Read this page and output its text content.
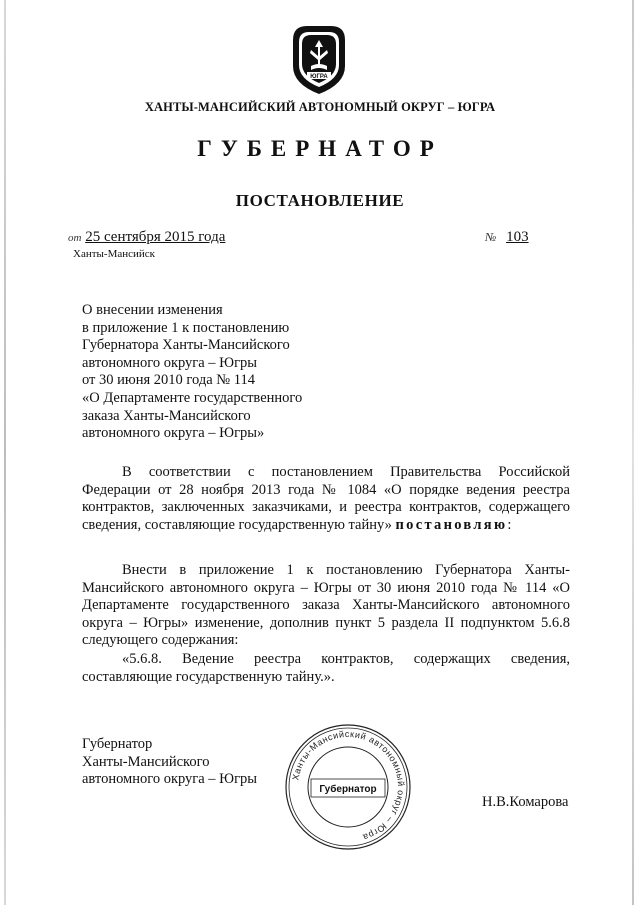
ЮГРА
ХАНТЫ-МАНСИЙСКИЙ АВТОНОМНЫЙ ОКРУГ – ЮГРА
ГУБЕРНАТОР
ПОСТАНОВЛЕНИЕ
от 25 сентября 2015 года	№ 103
Ханты-Мансийск
О внесении изменения
в приложение 1 к постановлению
Губернатора Ханты-Мансийского
автономного округа – Югры
от 30 июня 2010 года № 114
«О Департаменте государственного
заказа Ханты-Мансийского
автономного округа – Югры»
В соответствии с постановлением Правительства Российской Федерации от 28 ноября 2013 года № 1084 «О порядке ведения реестра контрактов, заключенных заказчиками, и реестра контрактов, содержащего сведения, составляющие государственную тайну» постановляю:
Внести в приложение 1 к постановлению Губернатора Ханты-Мансийского автономного округа – Югры от 30 июня 2010 года № 114 «О Департаменте государственного заказа Ханты-Мансийского автономного округа – Югры» изменение, дополнив пункт 5 раздела II подпунктом 5.6.8 следующего содержания:
«5.6.8. Ведение реестра контрактов, содержащих сведения, составляющие государственную тайну.».
Губернатор
Ханты-Мансийского
автономного округа – Югры	Ханты-Мансийский автономный округ – Югра
Губернатор
Н.В.Комарова
